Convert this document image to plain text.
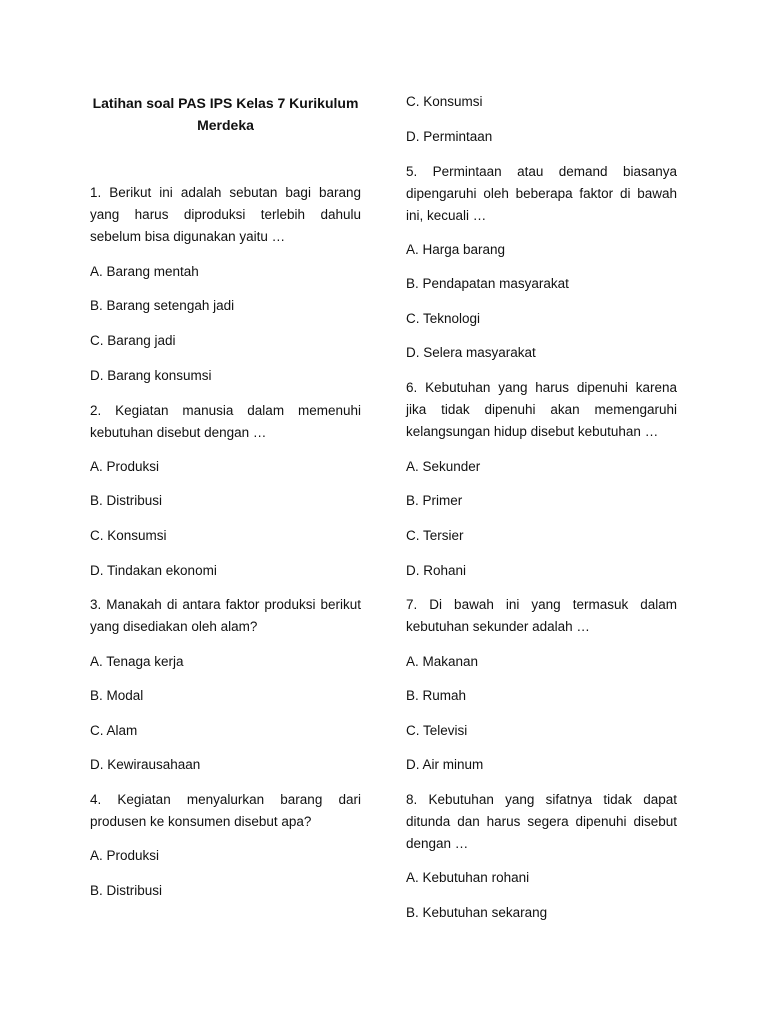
Latihan soal PAS IPS Kelas 7 Kurikulum
Merdeka

1. Berikut ini adalah sebutan bagi barang yang harus diproduksi terlebih dahulu sebelum bisa digunakan yaitu …

A. Barang mentah

B. Barang setengah jadi

C. Barang jadi

D. Barang konsumsi

2. Kegiatan manusia dalam memenuhi kebutuhan disebut dengan …

A. Produksi

B. Distribusi

C. Konsumsi

D. Tindakan ekonomi

3. Manakah di antara faktor produksi berikut yang disediakan oleh alam?

A. Tenaga kerja

B. Modal

C. Alam

D. Kewirausahaan

4. Kegiatan menyalurkan barang dari produsen ke konsumen disebut apa?

A. Produksi

B. Distribusi

C. Konsumsi

D. Permintaan

5. Permintaan atau demand biasanya dipengaruhi oleh beberapa faktor di bawah ini, kecuali …

A. Harga barang

B. Pendapatan masyarakat

C. Teknologi

D. Selera masyarakat

6. Kebutuhan yang harus dipenuhi karena jika tidak dipenuhi akan memengaruhi kelangsungan hidup disebut kebutuhan …

A. Sekunder

B. Primer

C. Tersier

D. Rohani

7. Di bawah ini yang termasuk dalam kebutuhan sekunder adalah …

A. Makanan

B. Rumah

C. Televisi

D. Air minum

8. Kebutuhan yang sifatnya tidak dapat ditunda dan harus segera dipenuhi disebut dengan …

A. Kebutuhan rohani

B. Kebutuhan sekarang
